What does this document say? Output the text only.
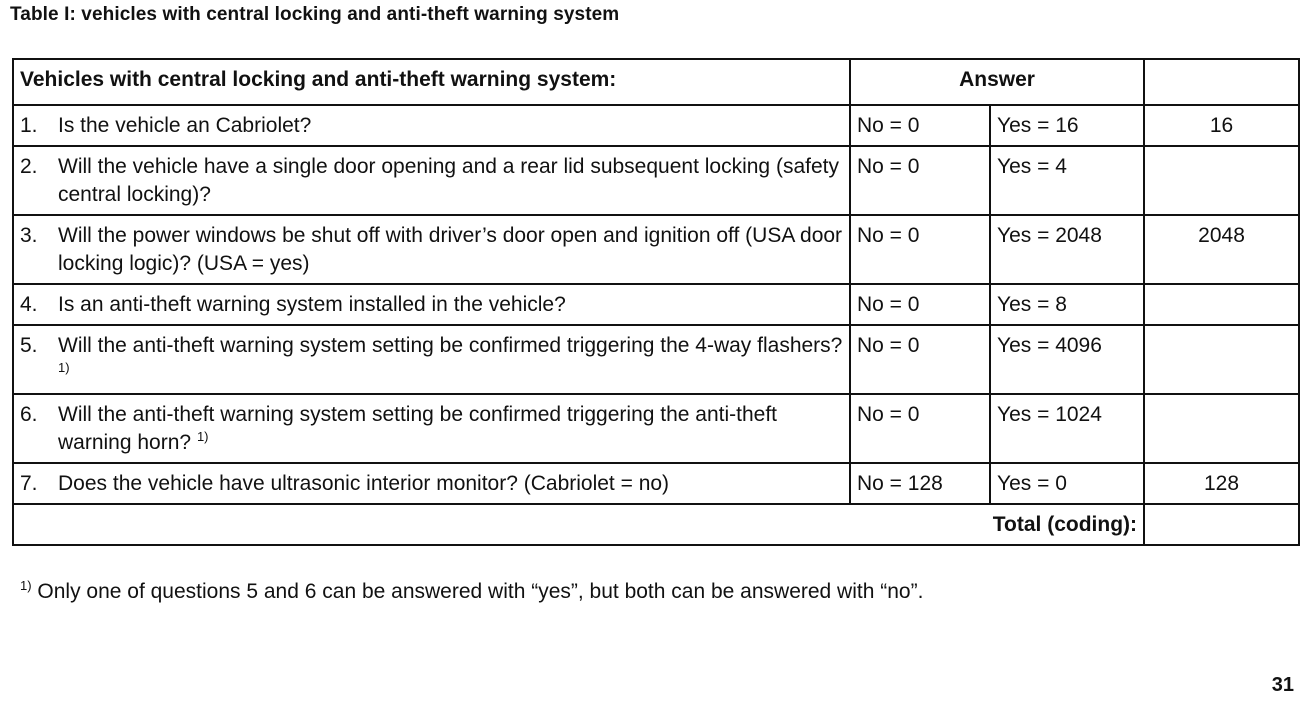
Table I: vehicles with central locking and anti-theft warning system
Vehicles with central locking and anti-theft warning system:	Answer		

1. Is the vehicle an Cabriolet?	No = 0	Yes = 16	16

2. Will the vehicle have a single door opening and a rear lid subsequent locking (safety central locking)?	No = 0	Yes = 4	

3. Will the power windows be shut off with driver’s door open and ignition off (USA door locking logic)? (USA = yes)	No = 0	Yes = 2048	2048

4. Is an anti-theft warning system installed in the vehicle?	No = 0	Yes = 8	

5. Will the anti-theft warning system setting be confirmed triggering the 4-way flashers? $^{1)}$	No = 0	Yes = 4096	

6. Will the anti-theft warning system setting be confirmed triggering the anti-theft warning horn? $^{1)}$	No = 0	Yes = 1024	

7. Does the vehicle have ultrasonic interior monitor? (Cabriolet = no)	No = 128	Yes = 0	128
Total (coding):			
$^{1)}$ Only one of questions 5 and 6 can be answered with “yes”, but both can be answered with “no”.
31
